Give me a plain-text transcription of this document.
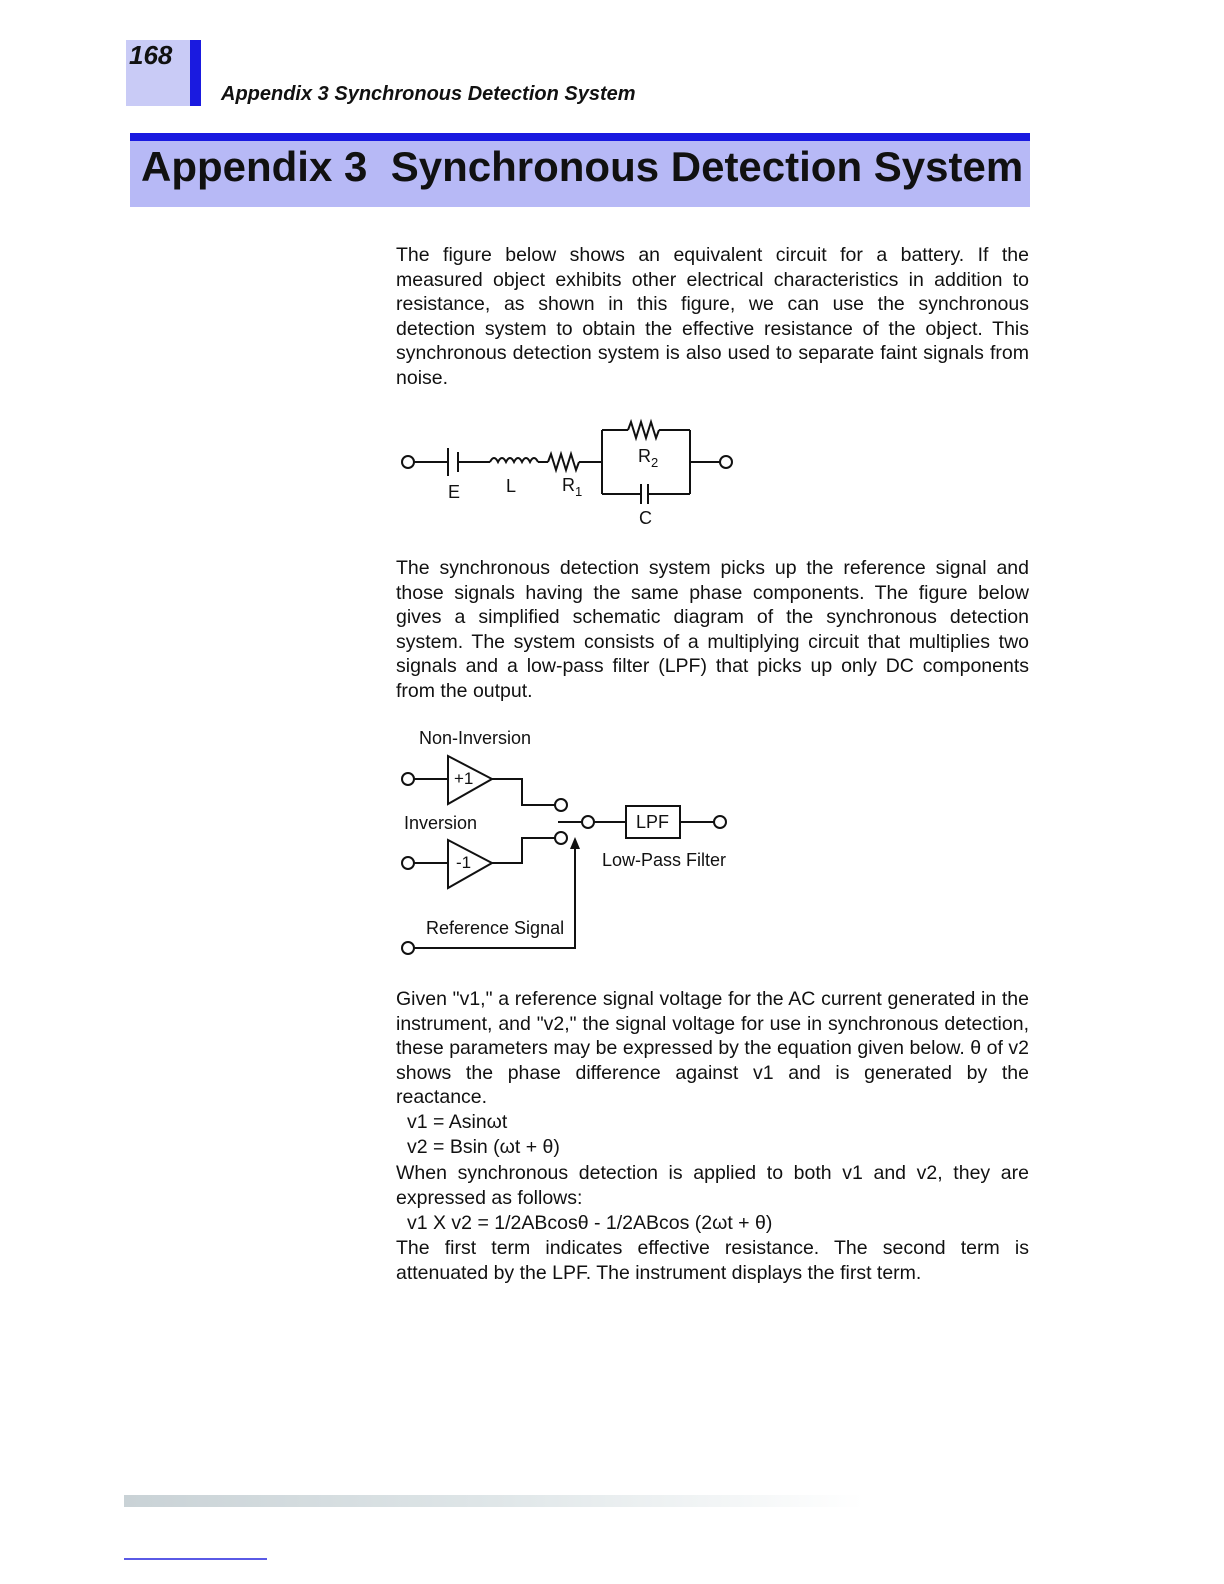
168
Appendix 3 Synchronous Detection System
Appendix 3 Synchronous Detection System

The figure below shows an equivalent circuit for a battery. If the measured object exhibits other electrical characteristics in addition to resistance, as shown in this figure, we can use the synchronous detection system to obtain the effective resistance of the object. This synchronous detection system is also used to separate faint signals from noise.

E	L	$R_1$
$R_2$
C

The synchronous detection system picks up the reference signal and those signals having the same phase components. The figure below gives a simplified schematic diagram of the synchronous detection system. The system consists of a multiplying circuit that multiplies two signals and a low-pass filter (LPF) that picks up only DC components from the output.

Non-Inversion
+1
Inversion
-1
LPF
Low-Pass Filter
Reference Signal

Given "v1," a reference signal voltage for the AC current generated in the instrument, and "v2," the signal voltage for use in synchronous detection, these parameters may be expressed by the equation given below. θ of v2 shows the phase difference against v1 and is generated by the reactance.

v1 = Asinωt
v2 = Bsin (ωt + θ)

When synchronous detection is applied to both v1 and v2, they are expressed as follows:

v1 X v2 = 1/2ABcosθ - 1/2ABcos (2ωt + θ)

The first term indicates effective resistance. The second term is attenuated by the LPF. The instrument displays the first term.
